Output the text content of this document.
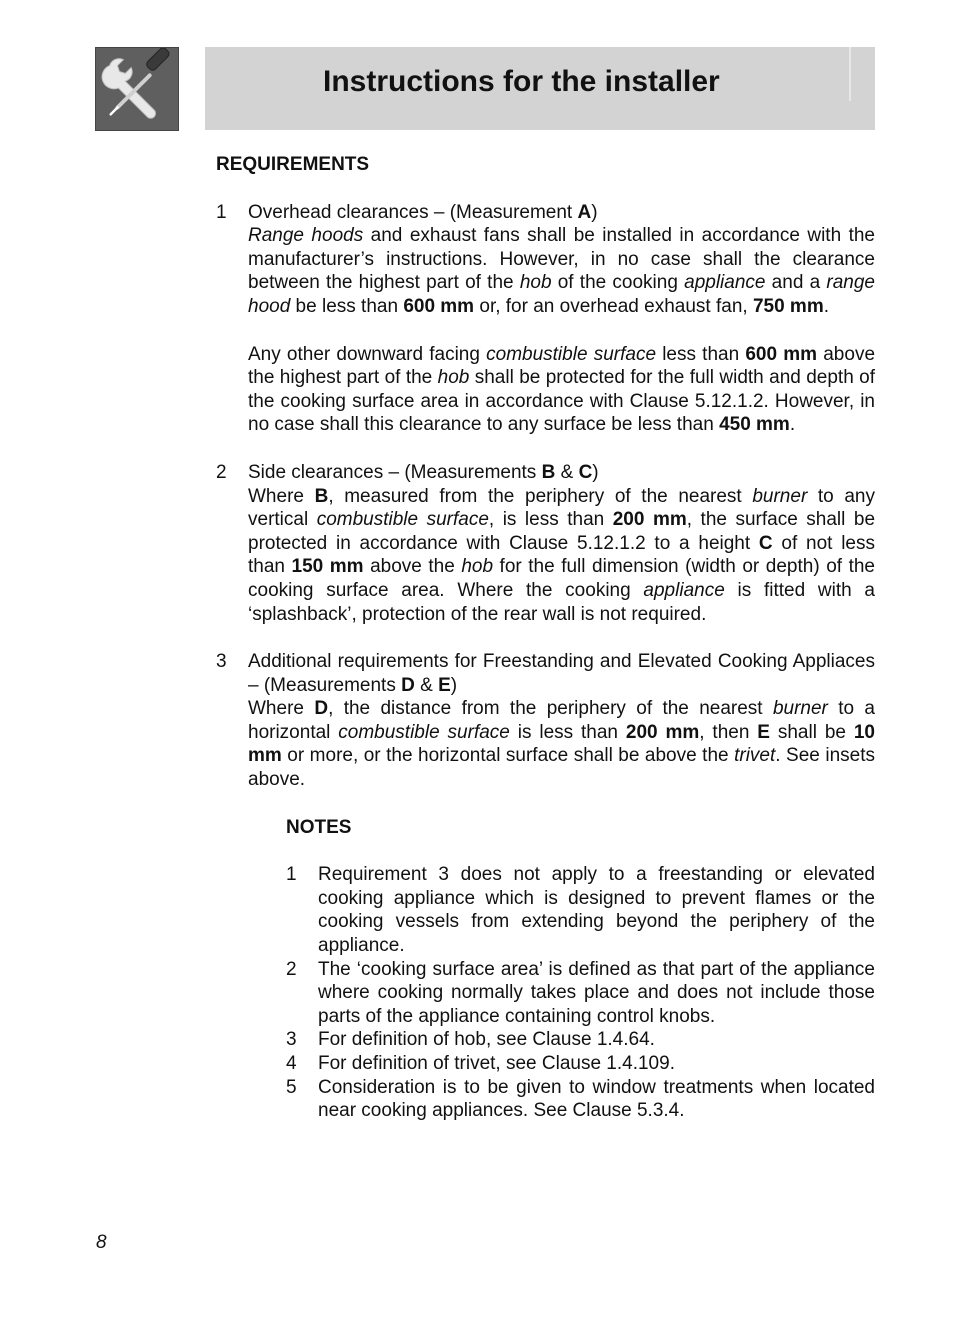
Instructions for the installer

REQUIREMENTS

1	Overhead clearances – (Measurement A)

Range hoods and exhaust fans shall be installed in accordance with the manufacturer’s instructions. However, in no case shall the clearance between the highest part of the hob of the cooking appliance and a range hood be less than 600 mm or, for an overhead exhaust fan, 750 mm.

Any other downward facing combustible surface less than 600 mm above the highest part of the hob shall be protected for the full width and depth of the cooking surface area in accordance with Clause 5.12.1.2. However, in no case shall this clearance to any surface be less than 450 mm.

2	Side clearances – (Measurements B & C)

Where B, measured from the periphery of the nearest burner to any vertical combustible surface, is less than 200 mm, the surface shall be protected in accordance with Clause 5.12.1.2 to a height C of not less than 150 mm above the hob for the full dimension (width or depth) of the cooking surface area. Where the cooking appliance is fitted with a ‘splashback’, protection of the rear wall is not required.

3	Additional requirements for Freestanding and Elevated Cooking Appliaces – (Measurements D & E)

Where D, the distance from the periphery of the nearest burner to a horizontal combustible surface is less than 200 mm, then E shall be 10 mm or more, or the horizontal surface shall be above the trivet. See insets above.

NOTES

1	Requirement 3 does not apply to a freestanding or elevated cooking appliance which is designed to prevent flames or the cooking vessels from extending beyond the periphery of the appliance.

2	The ‘cooking surface area’ is defined as that part of the appliance where cooking normally takes place and does not include those parts of the appliance containing control knobs.

3	For definition of hob, see Clause 1.4.64.

4	For definition of trivet, see Clause 1.4.109.

5	Consideration is to be given to window treatments when located near cooking appliances. See Clause 5.3.4.

8
